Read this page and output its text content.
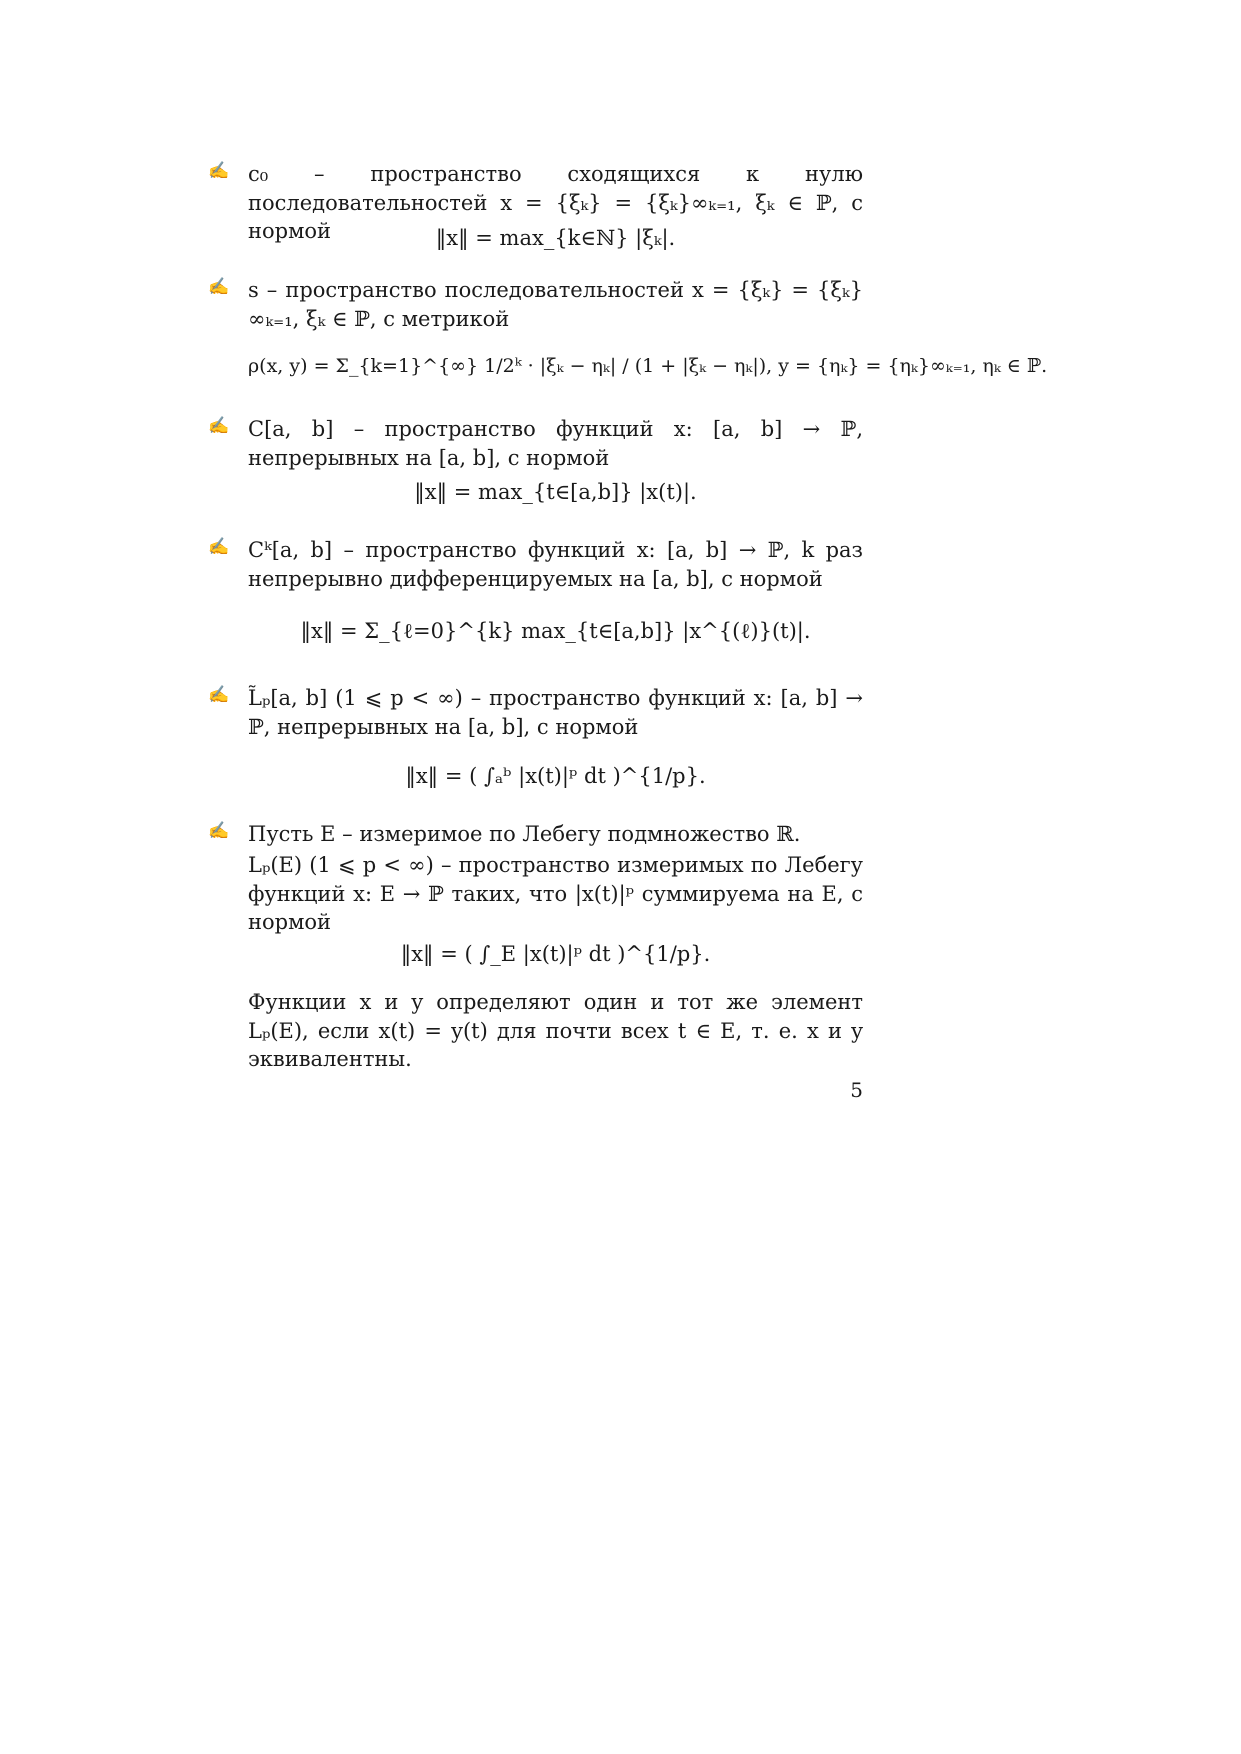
✍ c₀ – пространство сходящихся к нулю последовательностей x = {ξₖ} = {ξₖ}∞ₖ₌₁, ξₖ ∈ ℙ, с нормой	‖x‖ = max_{k∈ℕ} |ξₖ|.
✍ s – пространство последовательностей x = {ξₖ} = {ξₖ}∞ₖ₌₁, ξₖ ∈ ℙ, с метрикой
ρ(x, y) = Σ_{k=1}^{∞} 1/2ᵏ · |ξₖ − ηₖ| / (1 + |ξₖ − ηₖ|), y = {ηₖ} = {ηₖ}∞ₖ₌₁, ηₖ ∈ ℙ.
✍ C[a, b] – пространство функций x: [a, b] → ℙ, непрерывных на [a, b], с нормой
‖x‖ = max_{t∈[a,b]} |x(t)|.
✍ Cᵏ[a, b] – пространство функций x: [a, b] → ℙ, k раз непрерывно дифференцируемых на [a, b], с нормой
‖x‖ = Σ_{ℓ=0}^{k} max_{t∈[a,b]} |x^{(ℓ)}(t)|.
✍ L̃ₚ[a, b] (1 ⩽ p < ∞) – пространство функций x: [a, b] → ℙ, непрерывных на [a, b], с нормой
‖x‖ = ( ∫ₐᵇ |x(t)|ᵖ dt )^{1/p}.
✍ Пусть E – измеримое по Лебегу подмножество ℝ.
Lₚ(E) (1 ⩽ p < ∞) – пространство измеримых по Лебегу функций x: E → ℙ таких, что |x(t)|ᵖ суммируема на E, с нормой
‖x‖ = ( ∫_E |x(t)|ᵖ dt )^{1/p}.
Функции x и y определяют один и тот же элемент Lₚ(E), если x(t) = y(t) для почти всех t ∈ E, т. е. x и y эквивалентны.
5
